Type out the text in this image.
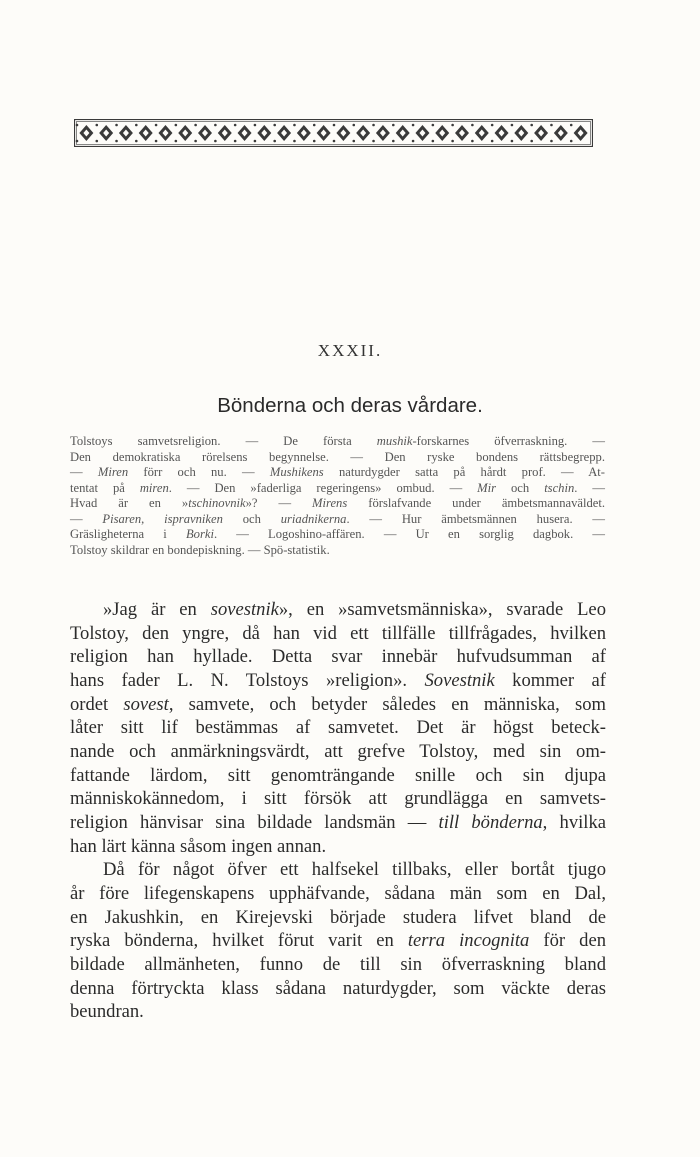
XXXII.
Bönderna och deras vårdare.
Tolstoys samvetsreligion. — De första mushik-forskarnes öfverraskning. —
Den demokratiska rörelsens begynnelse. — Den ryske bondens rättsbegrepp.
— Miren förr och nu. — Mushikens naturdygder satta på hårdt prof. — At-
tentat på miren. — Den »faderliga regeringens» ombud. — Mir och tschin. —
Hvad är en »tschinovnik»? — Mirens förslafvande under ämbetsmannaväldet.
— Pisaren, ispravniken och uriadnikerna. — Hur ämbetsmännen husera. —
Gräsligheterna i Borki. — Logoshino-affären. — Ur en sorglig dagbok. —
Tolstoy skildrar en bondepiskning. — Spö-statistik.
»Jag är en sovestnik», en »samvetsmänniska», svarade Leo
Tolstoy, den yngre, då han vid ett tillfälle tillfrågades, hvilken
religion han hyllade. Detta svar innebär hufvudsumman af
hans fader L. N. Tolstoys »religion». Sovestnik kommer af
ordet sovest, samvete, och betyder således en människa, som
låter sitt lif bestämmas af samvetet. Det är högst beteck-
nande och anmärkningsvärdt, att grefve Tolstoy, med sin om-
fattande lärdom, sitt genomträngande snille och sin djupa
människokännedom, i sitt försök att grundlägga en samvets-
religion hänvisar sina bildade landsmän — till bönderna, hvilka
han lärt känna såsom ingen annan.
Då för något öfver ett halfsekel tillbaks, eller bortåt tjugo
år före lifegenskapens upphäfvande, sådana män som en Dal,
en Jakushkin, en Kirejevski började studera lifvet bland de
ryska bönderna, hvilket förut varit en terra incognita för den
bildade allmänheten, funno de till sin öfverraskning bland
denna förtryckta klass sådana naturdygder, som väckte deras
beundran.
